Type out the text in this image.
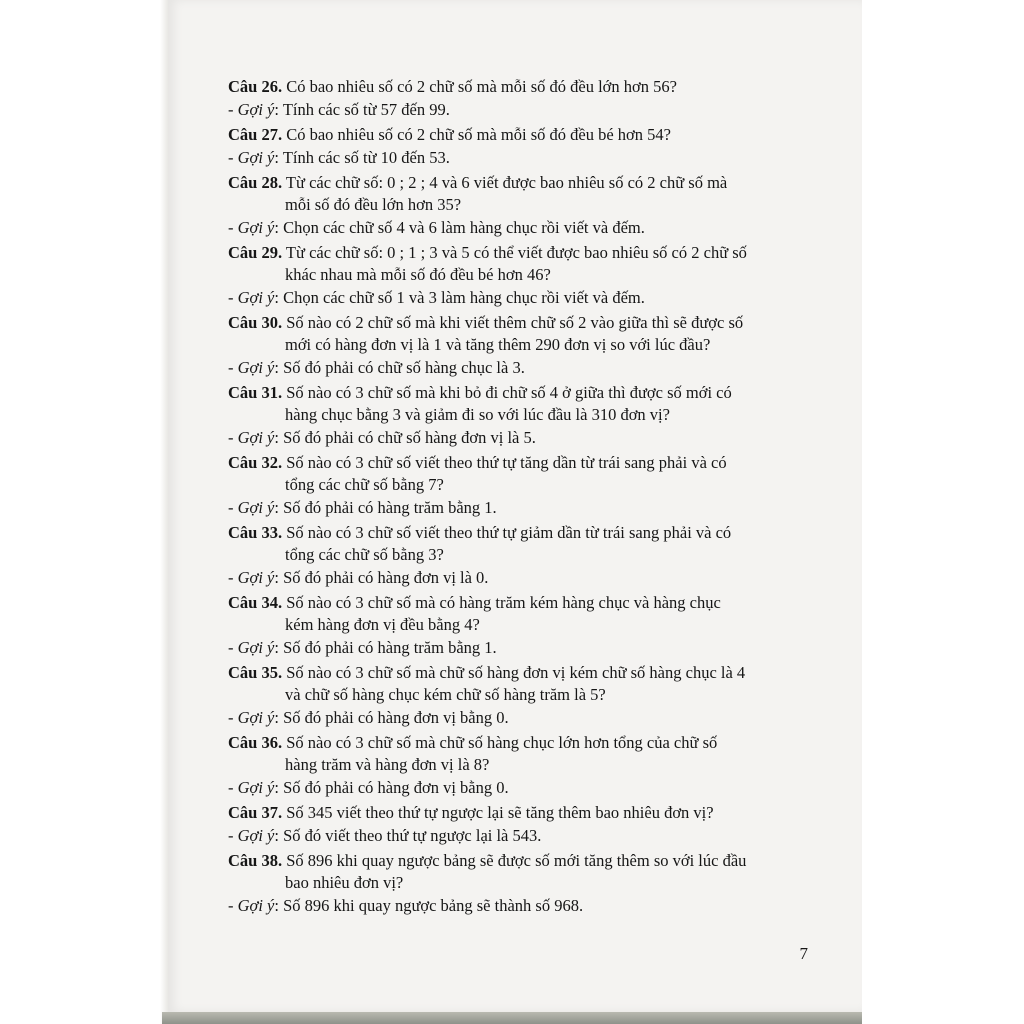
Câu 26. Có bao nhiêu số có 2 chữ số mà mỗi số đó đều lớn hơn 56?
- Gợi ý: Tính các số từ 57 đến 99.
Câu 27. Có bao nhiêu số có 2 chữ số mà mỗi số đó đều bé hơn 54?
- Gợi ý: Tính các số từ 10 đến 53.
Câu 28. Từ các chữ số: 0 ; 2 ; 4 và 6 viết được bao nhiêu số có 2 chữ số mà
mỗi số đó đều lớn hơn 35?
- Gợi ý: Chọn các chữ số 4 và 6 làm hàng chục rồi viết và đếm.
Câu 29. Từ các chữ số: 0 ; 1 ; 3 và 5 có thể viết được bao nhiêu số có 2 chữ số
khác nhau mà mỗi số đó đều bé hơn 46?
- Gợi ý: Chọn các chữ số 1 và 3 làm hàng chục rồi viết và đếm.
Câu 30. Số nào có 2 chữ số mà khi viết thêm chữ số 2 vào giữa thì sẽ được số
mới có hàng đơn vị là 1 và tăng thêm 290 đơn vị so với lúc đầu?
- Gợi ý: Số đó phải có chữ số hàng chục là 3.
Câu 31. Số nào có 3 chữ số mà khi bỏ đi chữ số 4 ở giữa thì được số mới có
hàng chục bằng 3 và giảm đi so với lúc đầu là 310 đơn vị?
- Gợi ý: Số đó phải có chữ số hàng đơn vị là 5.
Câu 32. Số nào có 3 chữ số viết theo thứ tự tăng dần từ trái sang phải và có
tổng các chữ số bằng 7?
- Gợi ý: Số đó phải có hàng trăm bằng 1.
Câu 33. Số nào có 3 chữ số viết theo thứ tự giảm dần từ trái sang phải và có
tổng các chữ số bằng 3?
- Gợi ý: Số đó phải có hàng đơn vị là 0.
Câu 34. Số nào có 3 chữ số mà có hàng trăm kém hàng chục và hàng chục
kém hàng đơn vị đều bằng 4?
- Gợi ý: Số đó phải có hàng trăm bằng 1.
Câu 35. Số nào có 3 chữ số mà chữ số hàng đơn vị kém chữ số hàng chục là 4
và chữ số hàng chục kém chữ số hàng trăm là 5?
- Gợi ý: Số đó phải có hàng đơn vị bằng 0.
Câu 36. Số nào có 3 chữ số mà chữ số hàng chục lớn hơn tổng của chữ số
hàng trăm và hàng đơn vị là 8?
- Gợi ý: Số đó phải có hàng đơn vị bằng 0.
Câu 37. Số 345 viết theo thứ tự ngược lại sẽ tăng thêm bao nhiêu đơn vị?
- Gợi ý: Số đó viết theo thứ tự ngược lại là 543.
Câu 38. Số 896 khi quay ngược bảng sẽ được số mới tăng thêm so với lúc đầu
bao nhiêu đơn vị?
- Gợi ý: Số 896 khi quay ngược bảng sẽ thành số 968.
7
